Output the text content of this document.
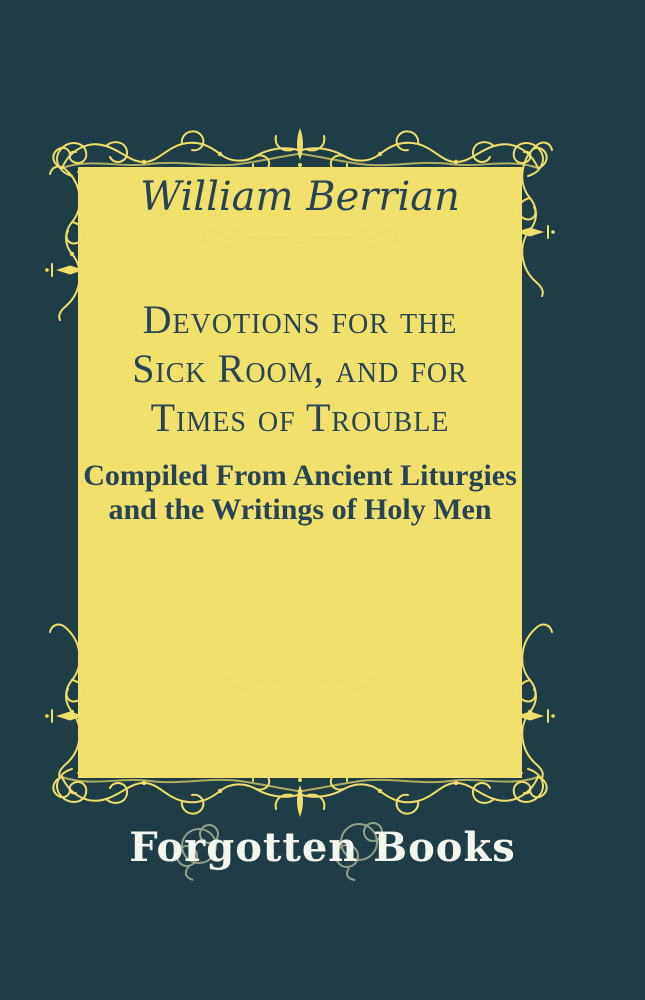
William Berrian
Devotions for the
Sick Room, and for
Times of Trouble
Compiled From Ancient Liturgies
and the Writings of Holy Men
Forgotten Books
